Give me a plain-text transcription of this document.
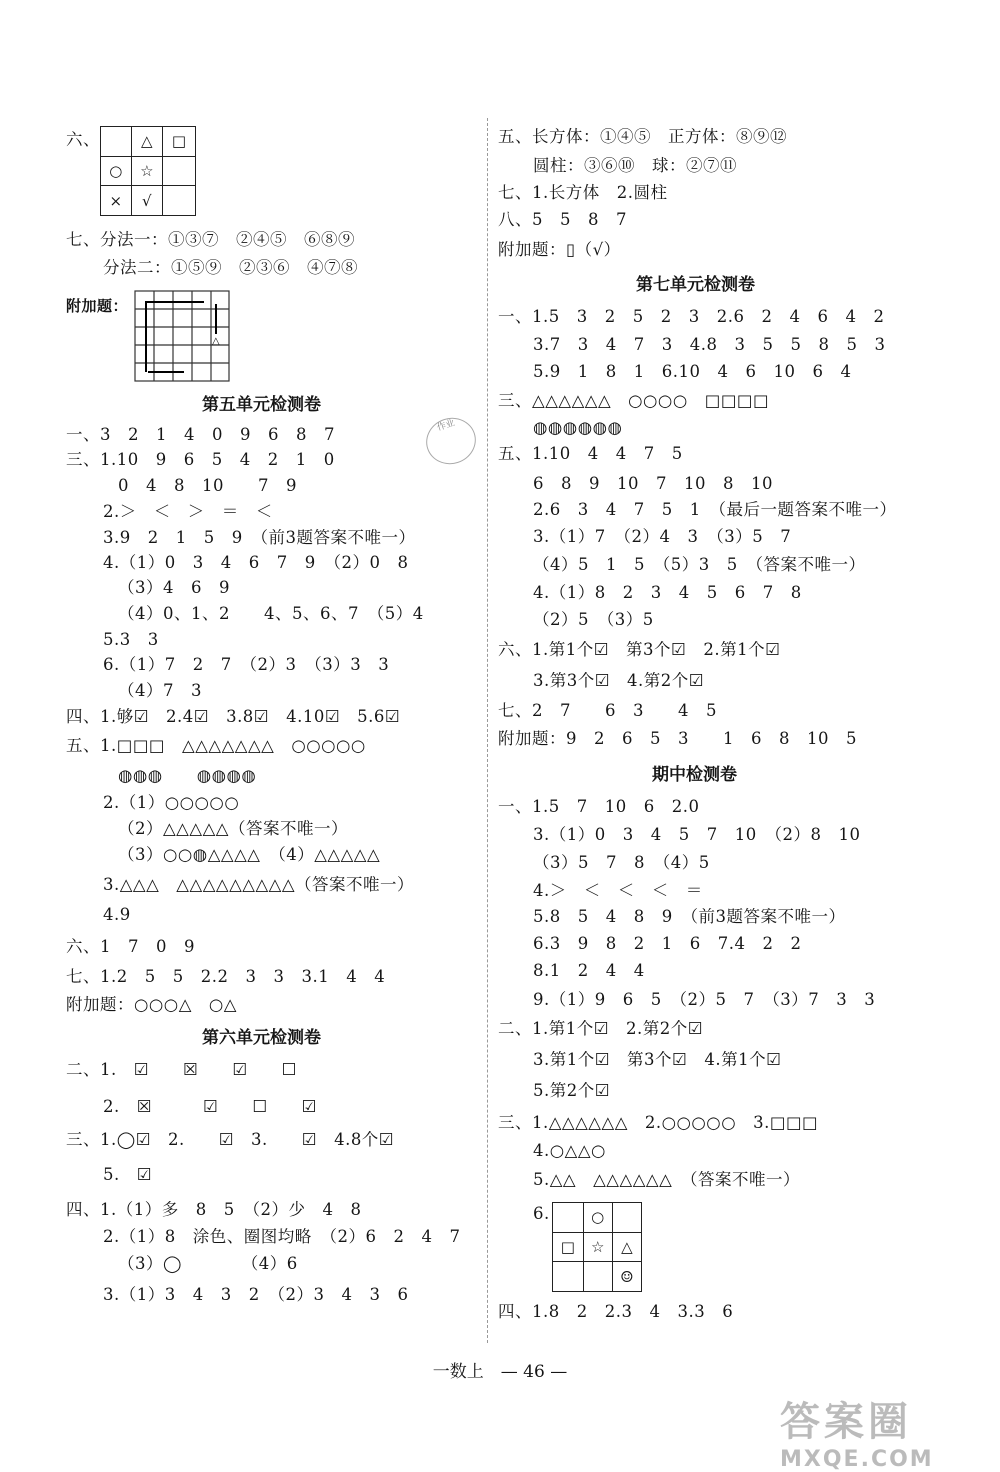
六、
		△	□
○	☆	
×	√	
七、分法一：①③⑦　②④⑤　⑥⑧⑨
分法二：①⑤⑨　②③⑥　④⑦⑧
附加题：
△
第五单元检测卷
作业
一、3　2　1　4　0　9　6　8　7
三、1.10　9　6　5　4　2　1　0
0　4　8　10　　7　9
2.＞　＜　＞　＝　＜
3.9　2　1　5　9　（前3题答案不唯一）
4.（1）0　3　4　6　7　9　（2）0　8
（3）4　6　9
（4）0、1、2　　4、5、6、7　（5）4
5.3　3
6.（1）7　2　7　（2）3　（3）3　3
（4）7　3
四、1.够☑　2.4☑　3.8☑　4.10☑　5.6☑
五、1.□□□　△△△△△△△　○○○○○
◍◍◍　　◍◍◍◍
2.（1）○○○○○
（2）△△△△△（答案不唯一）
（3）○○◍△△△△　（4）△△△△△
3.△△△　△△△△△△△△△（答案不唯一）
4.9
六、1　7　0　9
七、1.2　5　5　2.2　3　3　3.1　4　4
附加题：○○○△　○△
第六单元检测卷
二、1.　☑　　☒　　☑　　☐
2.　☒　　　☑　　☐　　☑
三、1.◯☑　2.　　☑　3.　　☑　4.8个☑
5.　☑
四、1.（1）多　8　5　（2）少　4　8
2.（1）8　涂色、圈图均略　（2）6　2　4　7
（3）◯　　　　（4）6
3.（1）3　4　3　2　（2）3　4　3　6
五、长方体：①④⑤　正方体：⑧⑨⑫
圆柱：③⑥⑩　球：②⑦⑪
七、1.长方体　2.圆柱
八、5　5　8　7
附加题：▯（√）
第七单元检测卷
一、1.5　3　2　5　2　3　2.6　2　4　6　4　2
3.7　3　4　7　3　4.8　3　5　5　8　5　3
5.9　1　8　1　6.10　4　6　10　6　4
三、△△△△△△　○○○○　□□□□
◍◍◍◍◍◍
五、1.10　4　4　7　5
6　8　9　10　7　10　8　10
2.6　3　4　7　5　1　（最后一题答案不唯一）
3.（1）7　（2）4　3　（3）5　7
（4）5　1　5　（5）3　5　（答案不唯一）
4.（1）8　2　3　4　5　6　7　8
（2）5　（3）5
六、1.第1个☑　第3个☑　2.第1个☑
3.第3个☑　4.第2个☑
七、2　7　　6　3　　4　5
附加题：9　2　6　5　3　　1　6　8　10　5
期中检测卷
一、1.5　7　10　6　2.0
3.（1）0　3　4　5　7　10　（2）8　10
（3）5　7　8　（4）5
4.＞　＜　＜　＜　＝
5.8　5　4　8　9　（前3题答案不唯一）
6.3　9　8　2　1　6　7.4　2　2
8.1　2　4　4
9.（1）9　6　5　（2）5　7　（3）7　3　3
二、1.第1个☑　2.第2个☑
3.第1个☑　第3个☑　4.第1个☑
5.第2个☑
三、1.△△△△△△　2.○○○○○　3.□□□
4.○△△○
5.△△　△△△△△△　（答案不唯一）
6.
		○	
□	☆	△
		☺
四、1.8　2　2.3　4　3.3　6
一数上　— 46 —
答案圈
MXQE.COM
